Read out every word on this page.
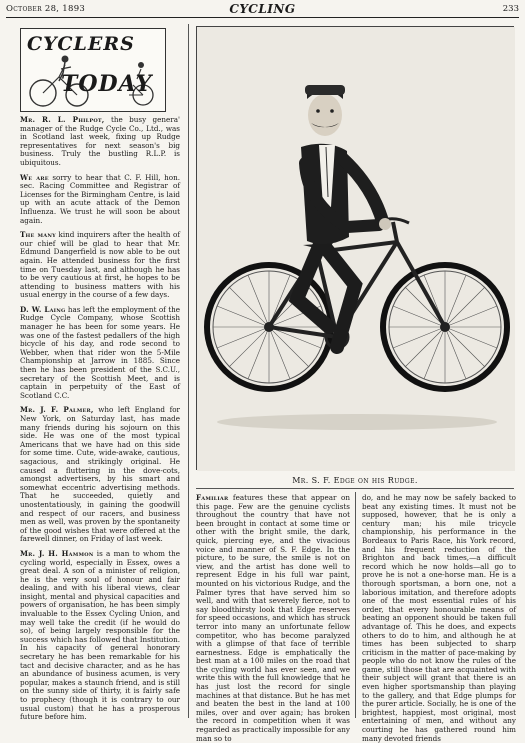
October 28, 1893	CYCLING	233
CYCLERS
TODAY

Mr. R. L. Philpot, the busy genera' manager of the Rudge Cycle Co., Ltd., was in Scotland last week, fixing up Rudge representatives for next season's big business. Truly the bustling R.L.P. is ubiquitous.

We are sorry to hear that C. F. Hill, hon. sec. Racing Committee and Registrar of Licenses for the Birmingham Centre, is laid up with an acute attack of the Demon Influenza. We trust he will soon be about again.

The many kind inquirers after the health of our chief will be glad to hear that Mr. Edmund Dangerfield is now able to be out again. He attended business for the first time on Tuesday last, and although he has to be very cautious at first, he hopes to be attending to business matters with his usual energy in the course of a few days.

D. W. Laing has left the employment of the Rudge Cycle Company, whose Scottish manager he has been for some years. He was one of the fastest pedallers of the high bicycle of his day, and rode second to Webber, when that rider won the 5-Mile Championship at Jarrow in 1885. Since then he has been president of the S.C.U., secretary of the Scottish Meet, and is captain in perpetuity of the East of Scotland C.C.

Mr. J. F. Palmer, who left England for New York, on Saturday last, has made many friends during his sojourn on this side. He was one of the most typical Americans that we have had on this side for some time. Cute, wide-awake, cautious, sagacious, and strikingly original. He caused a fluttering in the dove-cots, amongst advertisers, by his smart and somewhat eccentric advertising methods. That he succeeded, quietly and unostentatiously, in gaining the goodwill and respect of our racers, and business men as well, was proven by the spontaneity of the good wishes that were offered at the farewell dinner, on Friday of last week.

Mr. J. H. Hammon is a man to whom the cycling world, especially in Essex, owes a great deal. A son of a minister of religion, he is the very soul of honour and fair dealing, and with his liberal views, clear insight, mental and physical capacities and powers of organisation, he has been simply invaluable to the Essex Cycling Union, and may well take the credit (if he would do so), of being largely responsible for the success which has followed that Institution. In his capacity of general honorary secretary he has been remarkable for his tact and decisive character, and as he has an abundance of business acumen, is very popular, makes a staunch friend, and is still on the sunny side of thirty, it is fairly safe to prophecy (though it is contrary to our usual custom) that he has a prosperous future before him.

Mr. S. F. Edge on his Rudge.

Familiar features these that appear on this page. Few are the genuine cyclists throughout the country that have not been brought in contact at some time or other with the bright smile, the dark, quick, piercing eye, and the vivacious voice and manner of S. F. Edge. In the picture, to be sure, the smile is not on view, and the artist has done well to represent Edge in his full war paint, mounted on his victorious Rudge, and the Palmer tyres that have served him so well, and with that severely fierce, not to say bloodthirsty look that Edge reserves for speed occasions, and which has struck terror into many an unfortunate fellow competitor, who has become paralyzed with a glimpse of that face of terrible earnestness. Edge is emphatically the best man at a 100 miles on the road that the cycling world has ever seen, and we write this with the full knowledge that he has just lost the record for single machines at that distance. But he has met and beaten the best in the land at 100 miles, over and over again; has broken the record in competition when it was regarded as practically impossible for any man so to

do, and he may now be safely backed to beat any existing times. It must not be supposed, however, that he is only a century man; his mile tricycle championship, his performance in the Bordeaux to Paris Race, his York record, and his frequent reduction of the Brighton and back times,—a difficult record which he now holds—all go to prove he is not a one-horse man. He is a thorough sportsman, a born one, not a laborious imitation, and therefore adopts one of the most essential rules of his order, that every honourable means of beating an opponent should be taken full advantage of. This he does, and expects others to do to him, and although he at times has been subjected to sharp criticism in the matter of pace-making by people who do not know the rules of the game, still those that are acquainted with their subject will grant that there is an even higher sportsmanship than playing to the gallery, and that Edge plumps for the purer article. Socially, he is one of the brightest, happiest, most original, most entertaining of men, and without any courting he has gathered round him many devoted friends
